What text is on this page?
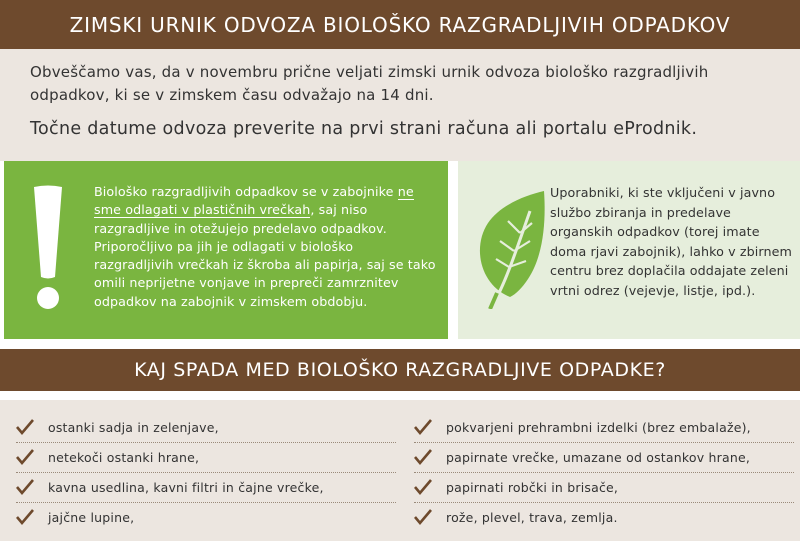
ZIMSKI URNIK ODVOZA BIOLOŠKO RAZGRADLJIVIH ODPADKOV

Obveščamo vas, da v novembru prične veljati zimski urnik odvoza biološko razgradljivih odpadkov, ki se v zimskem času odvažajo na 14 dni.

Točne datume odvoza preverite na prvi strani računa ali portalu eProdnik.

Biološko razgradljivih odpadkov se v zabojnike ne sme odlagati v plastičnih vrečkah, saj niso razgradljive in otežujejo predelavo odpadkov. Priporočljivo pa jih je odlagati v biološko razgradljivih vrečkah iz škroba ali papirja, saj se tako omili neprijetne vonjave in prepreči zamrznitev odpadkov na zabojnik v zimskem obdobju.

Uporabniki, ki ste vključeni v javno službo zbiranja in predelave organskih odpadkov (torej imate doma rjavi zabojnik), lahko v zbirnem centru brez doplačila oddajate zeleni vrtni odrez (vejevje, listje, ipd.).

KAJ SPADA MED BIOLOŠKO RAZGRADLJIVE ODPADKE?
ostanki sadja in zelenjave,
netekoči ostanki hrane,
kavna usedlina, kavni filtri in čajne vrečke,
jajčne lupine,
pokvarjeni prehrambni izdelki (brez embalaže),
papirnate vrečke, umazane od ostankov hrane,
papirnati robčki in brisače,
rože, plevel, trava, zemlja.
